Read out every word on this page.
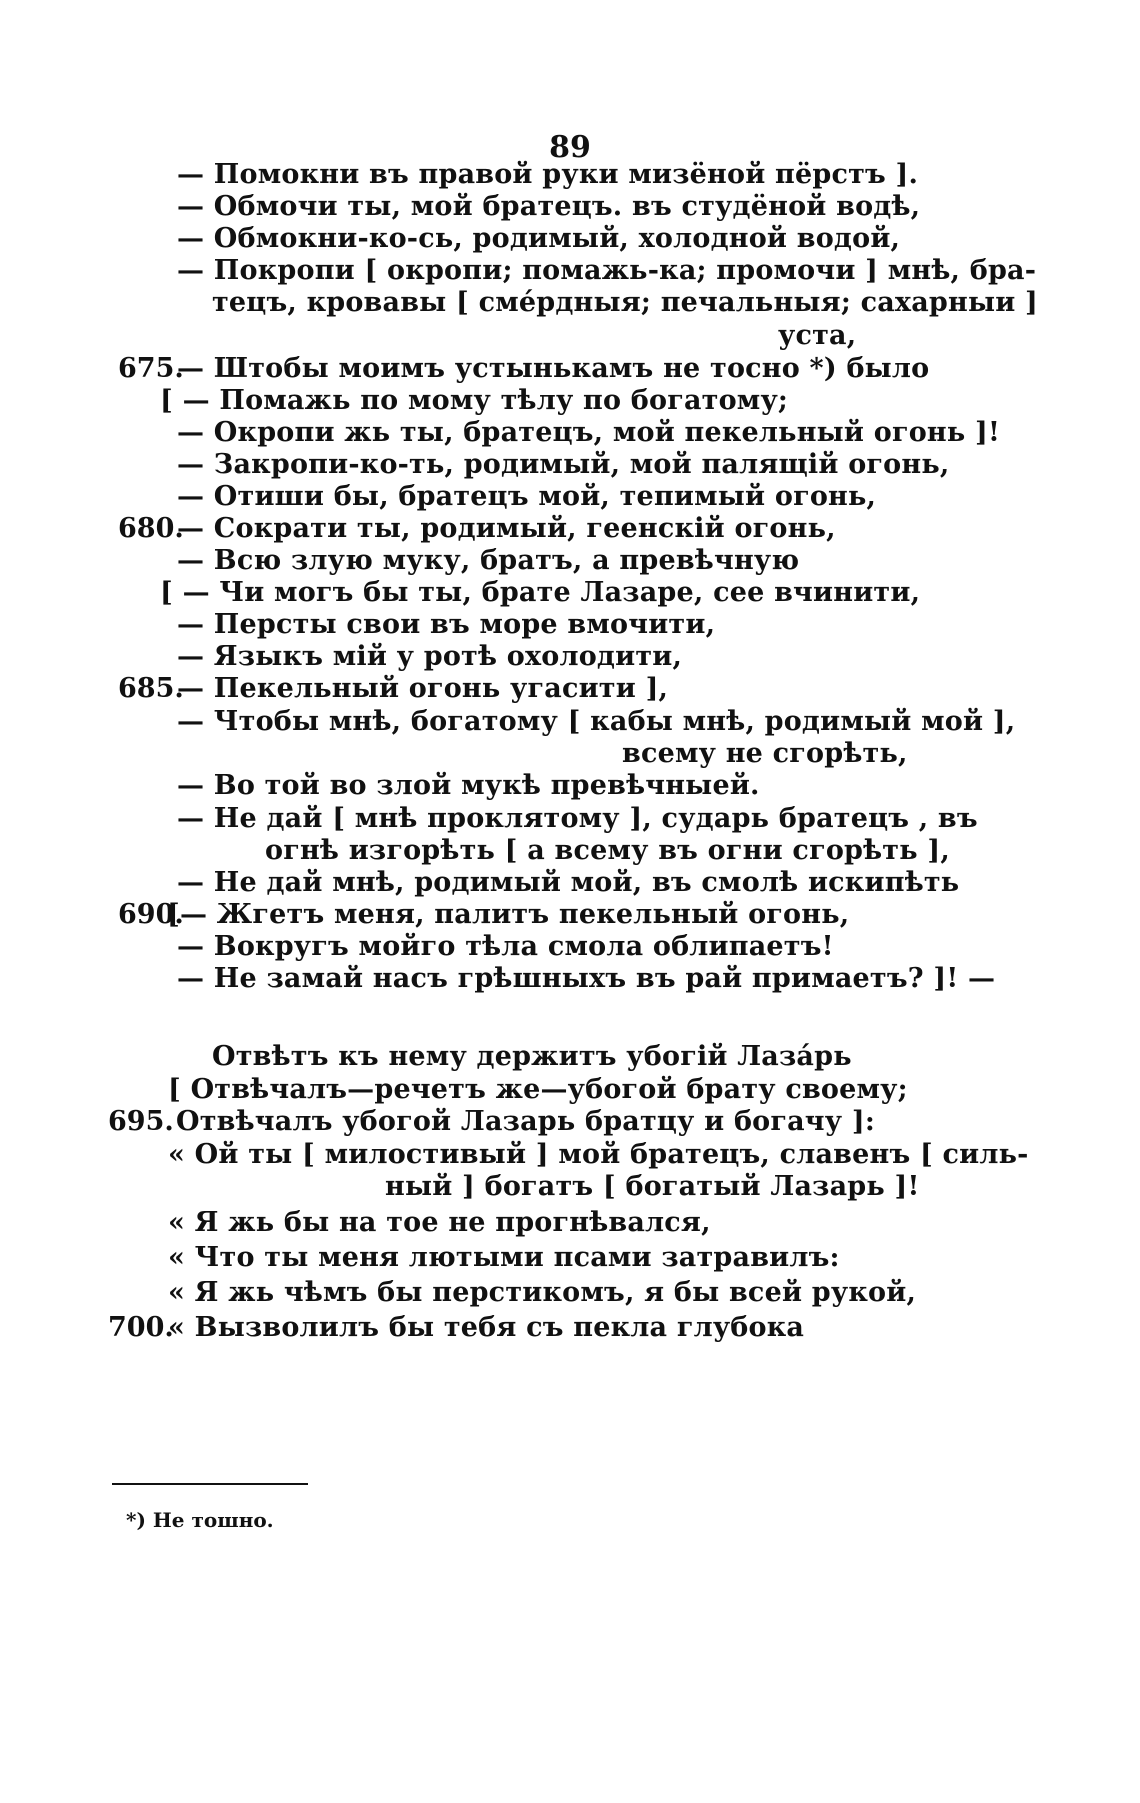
89
— Помокни въ правой руки мизёной пёрстъ ].
— Обмочи ты, мой братецъ. въ студёной водѣ,
— Обмокни-ко-сь, родимый, холодной водой,
— Покропи [ окропи; помажь-ка; промочи ] мнѣ, бра-
тецъ, кровавы [ смéрдныя; печальныя; сахарныи ]
уста,
675.
— Штобы моимъ устынькамъ не тосно *) было
[ — Помажь по мому тѣлу по богатому;
— Окропи жь ты, братецъ, мой пекельный огонь ]!
— Закропи-ко-ть, родимый, мой палящій огонь,
— Отиши бы, братецъ мой, тепимый огонь,
680.
— Сократи ты, родимый, геенскій огонь,
— Всю злую муку, братъ, а превѣчную
[ — Чи могъ бы ты, брате Лазаре, сее вчинити,
— Персты свои въ море вмочити,
— Языкъ мій у ротѣ охолодити,
685.
— Пекельный огонь угасити ],
— Чтобы мнѣ, богатому [ кабы мнѣ, родимый мой ],
всему не сгорѣть,
— Во той во злой мукѣ превѣчныей.
— Не дай [ мнѣ проклятому ], сударь братецъ , въ
огнѣ изгорѣть [ а всему въ огни сгорѣть ],
— Не дай мнѣ, родимый мой, въ смолѣ искипѣть
690.
[— Жгетъ меня, палитъ пекельный огонь,
— Вокругъ мойго тѣла смола облипаетъ!
— Не замай насъ грѣшныхъ въ рай примаетъ? ]! —
Отвѣтъ къ нему держитъ убогій Лазáрь
[ Отвѣчалъ—речетъ же—убогой брату своему;
695. Отвѣчалъ убогой Лазарь братцу и богачу ]:
« Ой ты [ милостивый ] мой братецъ, славенъ [ силь-
ный ] богатъ [ богатый Лазарь ]!
« Я жь бы на тое не прогнѣвался,
« Что ты меня лютыми псами затравилъ:
« Я жь чѣмъ бы перстикомъ, я бы всей рукой,
700.
« Вызволилъ бы тебя съ пекла глубока
*) Не тошно.
